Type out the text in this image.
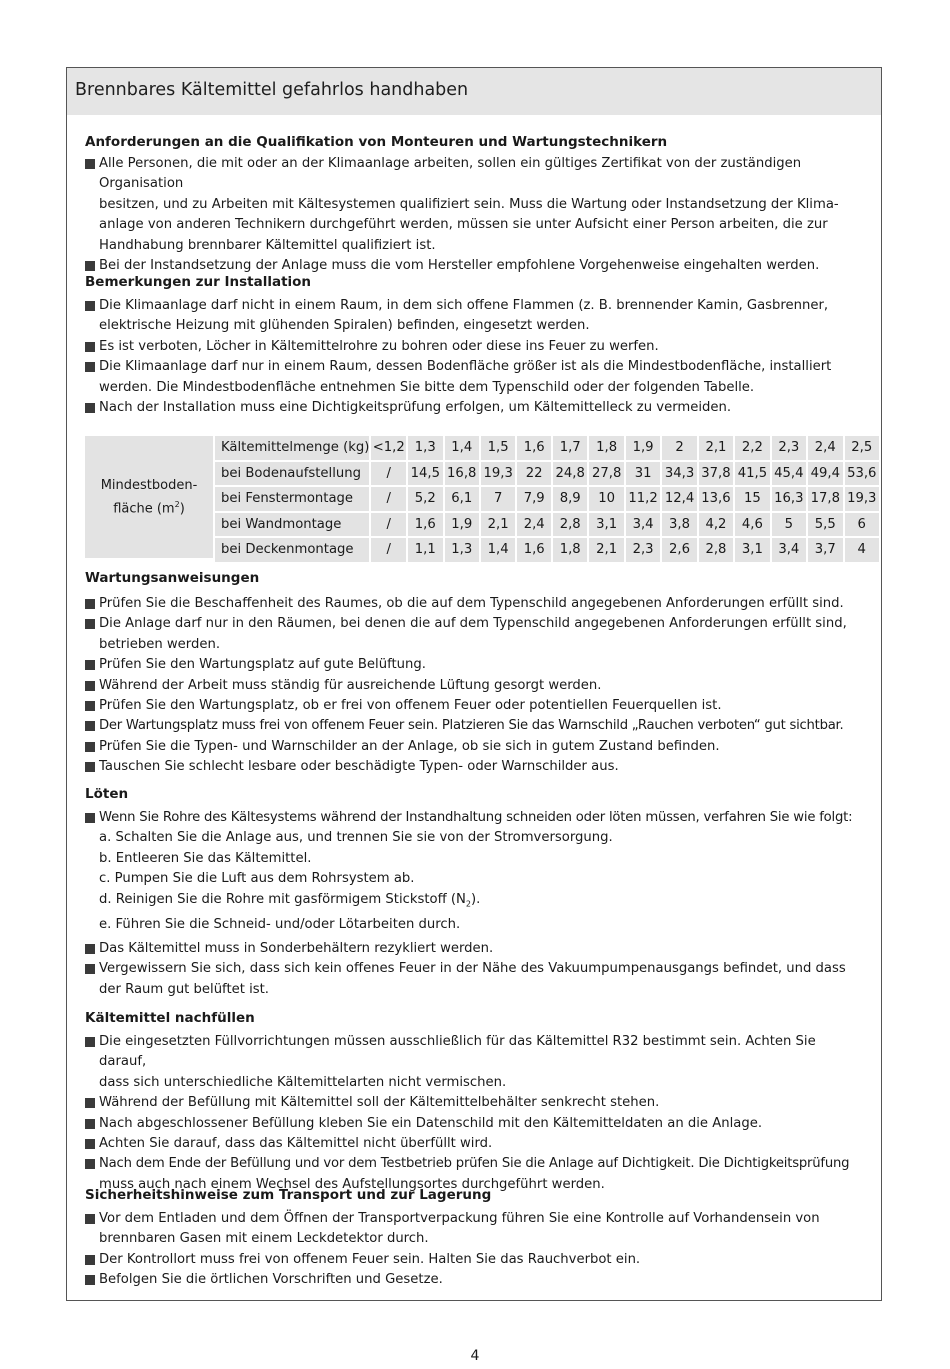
Brennbares Kältemittel gefahrlos handhaben
Anforderungen an die Qualifikation von Monteuren und Wartungstechnikern
Alle Personen, die mit oder an der Klimaanlage arbeiten, sollen ein gültiges Zertifikat von der zuständigen Organisation
besitzen, und zu Arbeiten mit Kältesystemen qualifiziert sein. Muss die Wartung oder Instandsetzung der Klima-
anlage von anderen Technikern durchgeführt werden, müssen sie unter Aufsicht einer Person arbeiten, die zur
Handhabung brennbarer Kältemittel qualifiziert ist.
Bei der Instandsetzung der Anlage muss die vom Hersteller empfohlene Vorgehenweise eingehalten werden.
Bemerkungen zur Installation
Die Klimaanlage darf nicht in einem Raum, in dem sich offene Flammen (z. B. brennender Kamin, Gasbrenner,
elektrische Heizung mit glühenden Spiralen) befinden, eingesetzt werden.
Es ist verboten, Löcher in Kältemittelrohre zu bohren oder diese ins Feuer zu werfen.
Die Klimaanlage darf nur in einem Raum, dessen Bodenfläche größer ist als die Mindestbodenfläche, installiert
werden. Die Mindestbodenfläche entnehmen Sie bitte dem Typenschild oder der folgenden Tabelle.
Nach der Installation muss eine Dichtigkeitsprüfung erfolgen, um Kältemittelleck zu vermeiden.
Mindestboden-
fläche $(m^2)$
Kältemittelmenge (kg)	<1,2	1,3	1,4	1,5	1,6	1,7	1,8	1,9	2	2,1	2,2	2,3	2,4	2,5
bei Bodenaufstellung	/	14,5	16,8	19,3	22	24,8	27,8	31	34,3	37,8	41,5	45,4	49,4	53,6
bei Fenstermontage	/	5,2	6,1	7	7,9	8,9	10	11,2	12,4	13,6	15	16,3	17,8	19,3
bei Wandmontage	/	1,6	1,9	2,1	2,4	2,8	3,1	3,4	3,8	4,2	4,6	5	5,5	6
bei Deckenmontage	/	1,1	1,3	1,4	1,6	1,8	2,1	2,3	2,6	2,8	3,1	3,4	3,7	4
Wartungsanweisungen
Prüfen Sie die Beschaffenheit des Raumes, ob die auf dem Typenschild angegebenen Anforderungen erfüllt sind.
Die Anlage darf nur in den Räumen, bei denen die auf dem Typenschild angegebenen Anforderungen erfüllt sind,
betrieben werden.
Prüfen Sie den Wartungsplatz auf gute Belüftung.
Während der Arbeit muss ständig für ausreichende Lüftung gesorgt werden.
Prüfen Sie den Wartungsplatz, ob er frei von offenem Feuer oder potentiellen Feuerquellen ist.
Der Wartungsplatz muss frei von offenem Feuer sein. Platzieren Sie das Warnschild „Rauchen verboten“ gut sichtbar.
Prüfen Sie die Typen- und Warnschilder an der Anlage, ob sie sich in gutem Zustand befinden.
Tauschen Sie schlecht lesbare oder beschädigte Typen- oder Warnschilder aus.
Löten
Wenn Sie Rohre des Kältesystems während der Instandhaltung schneiden oder löten müssen, verfahren Sie wie folgt:
a. Schalten Sie die Anlage aus, und trennen Sie sie von der Stromversorgung.
b. Entleeren Sie das Kältemittel.
c. Pumpen Sie die Luft aus dem Rohrsystem ab.
d. Reinigen Sie die Rohre mit gasförmigem Stickstoff $(N_2)$.
e. Führen Sie die Schneid- und/oder Lötarbeiten durch.
Das Kältemittel muss in Sonderbehältern rezykliert werden.
Vergewissern Sie sich, dass sich kein offenes Feuer in der Nähe des Vakuumpumpenausgangs befindet, und dass
der Raum gut belüftet ist.
Kältemittel nachfüllen
Die eingesetzten Füllvorrichtungen müssen ausschließlich für das Kältemittel R32 bestimmt sein. Achten Sie darauf,
dass sich unterschiedliche Kältemittelarten nicht vermischen.
Während der Befüllung mit Kältemittel soll der Kältemittelbehälter senkrecht stehen.
Nach abgeschlossener Befüllung kleben Sie ein Datenschild mit den Kältemitteldaten an die Anlage.
Achten Sie darauf, dass das Kältemittel nicht überfüllt wird.
Nach dem Ende der Befüllung und vor dem Testbetrieb prüfen Sie die Anlage auf Dichtigkeit. Die Dichtigkeitsprüfung
muss auch nach einem Wechsel des Aufstellungsortes durchgeführt werden.
Sicherheitshinweise zum Transport und zur Lagerung
Vor dem Entladen und dem Öffnen der Transportverpackung führen Sie eine Kontrolle auf Vorhandensein von
brennbaren Gasen mit einem Leckdetektor durch.
Der Kontrollort muss frei von offenem Feuer sein. Halten Sie das Rauchverbot ein.
Befolgen Sie die örtlichen Vorschriften und Gesetze.
4
